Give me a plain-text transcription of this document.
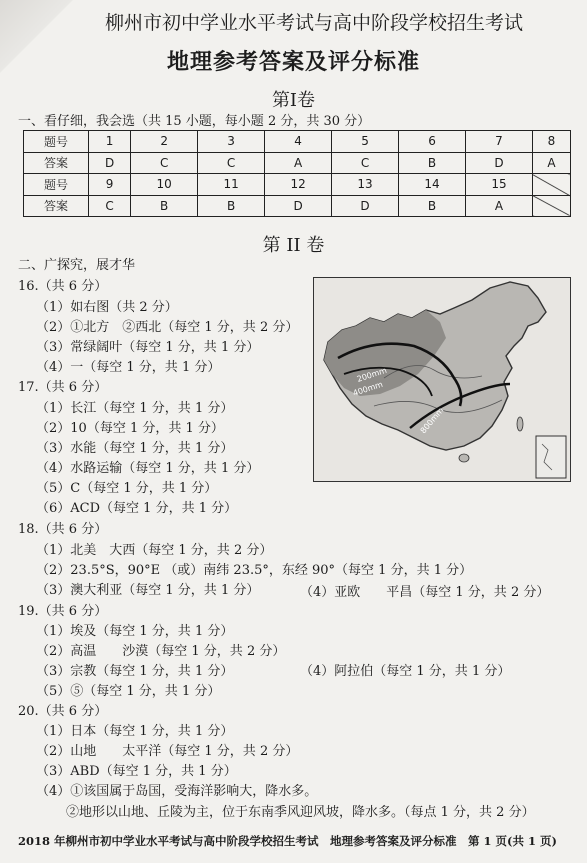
柳州市初中学业水平考试与高中阶段学校招生考试
地理参考答案及评分标准
第Ⅰ卷
一、看仔细，我会选（共 15 小题，每小题 2 分，共 30 分）
题号	1	2	3	4	5	6	7	8
答案	D	C	C	A	C	B	D	A
题号	9	10	11	12	13	14	15	
答案	C	B	B	D	D	B	A	
第 II 卷
二、广探究，展才华
16.（共 6 分）
（1）如右图（共 2 分）
（2）①北方　②西北（每空 1 分，共 2 分）
（3）常绿阔叶（每空 1 分，共 1 分）
（4）一（每空 1 分，共 1 分）
17.（共 6 分）
（1）长江（每空 1 分，共 1 分）
（2）10（每空 1 分，共 1 分）
（3）水能（每空 1 分，共 1 分）
（4）水路运输（每空 1 分，共 1 分）
（5）C（每空 1 分，共 1 分）
（6）ACD（每空 1 分，共 1 分）
18.（共 6 分）
（1）北美　大西（每空 1 分，共 2 分）
（2）23.5°S，90°E （或）南纬 23.5°，东经 90°（每空 1 分，共 1 分）
（3）澳大利亚（每空 1 分，共 1 分）	（4）亚欧　　平昌（每空 1 分，共 2 分）
19.（共 6 分）
（1）埃及（每空 1 分，共 1 分）
（2）高温　　沙漠（每空 1 分，共 2 分）
（3）宗教（每空 1 分，共 1 分）	（4）阿拉伯（每空 1 分，共 1 分）
（5）⑤（每空 1 分，共 1 分）
20.（共 6 分）
（1）日本（每空 1 分，共 1 分）
（2）山地　　太平洋（每空 1 分，共 2 分）
（3）ABD（每空 1 分，共 1 分）
（4）①该国属于岛国，受海洋影响大，降水多。
②地形以山地、丘陵为主，位于东南季风迎风坡，降水多。（每点 1 分，共 2 分）
200mm
400mm
800mm
2018 年柳州市初中学业水平考试与高中阶段学校招生考试　地理参考答案及评分标准　第 1 页(共 1 页)
